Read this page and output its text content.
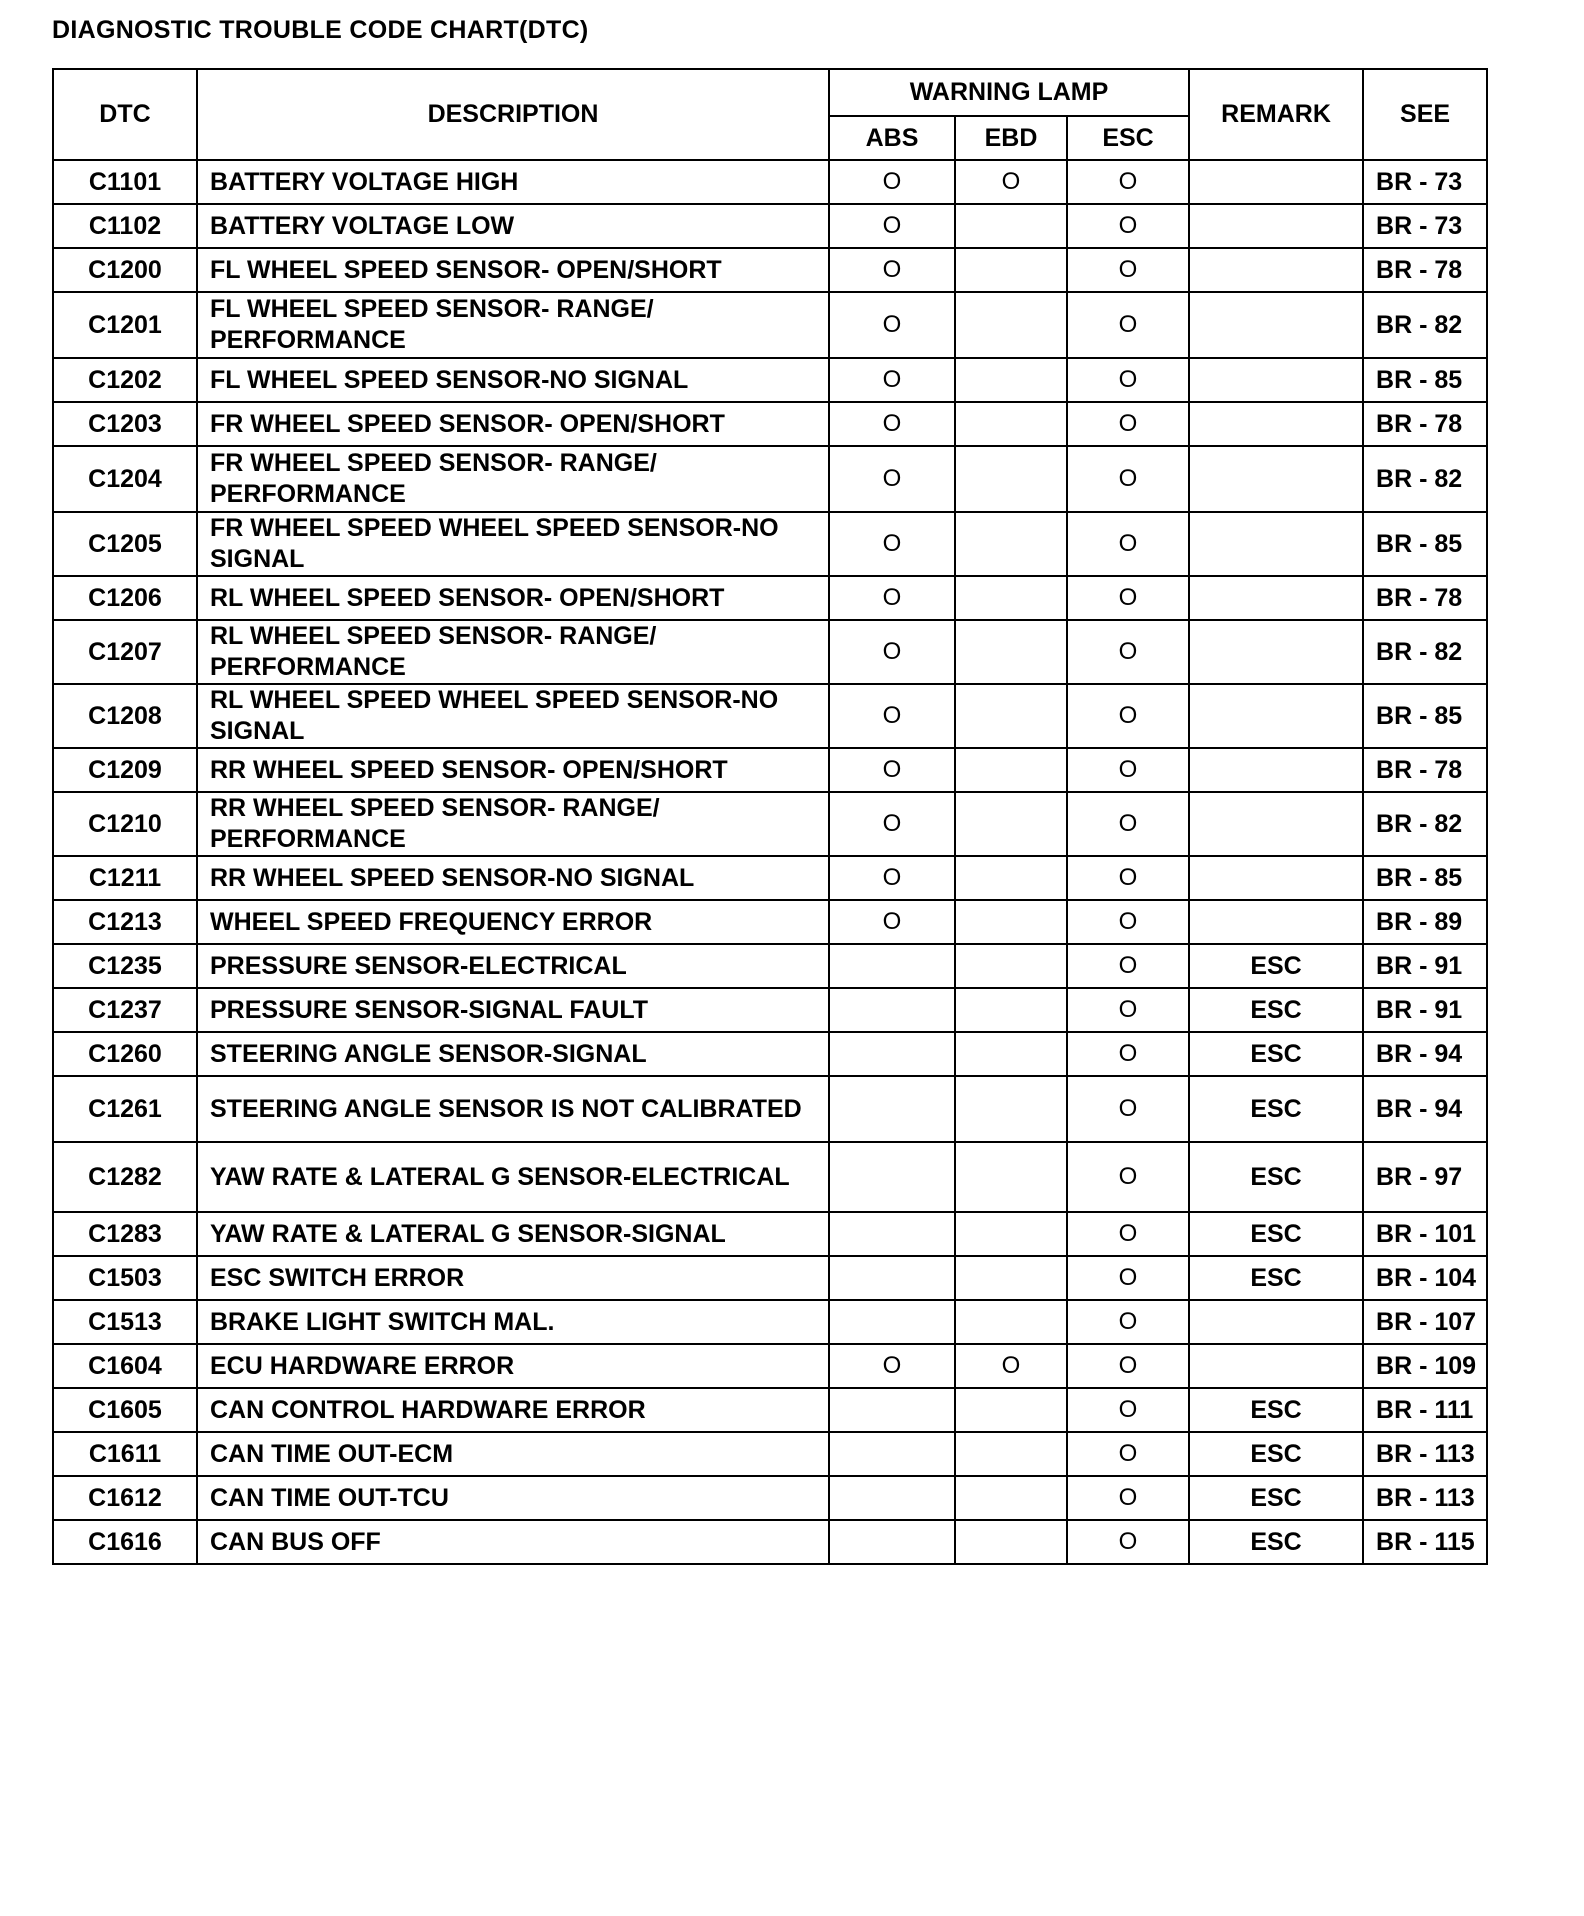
DIAGNOSTIC TROUBLE CODE CHART(DTC)
DTC	DESCRIPTION	WARNING LAMP			REMARK	SEE
		ABS	EBD	ESC		
C1101	BATTERY VOLTAGE HIGH	O	O	O		BR - 73
C1102	BATTERY VOLTAGE LOW	O		O		BR - 73
C1200	FL WHEEL SPEED SENSOR- OPEN/SHORT	O		O		BR - 78
C1201	FL WHEEL SPEED SENSOR- RANGE/ PERFORMANCE	O		O		BR - 82
C1202	FL WHEEL SPEED SENSOR-NO SIGNAL	O		O		BR - 85
C1203	FR WHEEL SPEED SENSOR- OPEN/SHORT	O		O		BR - 78
C1204	FR WHEEL SPEED SENSOR- RANGE/ PERFORMANCE	O		O		BR - 82
C1205	FR WHEEL SPEED WHEEL SPEED SENSOR-NO SIGNAL	O		O		BR - 85
C1206	RL WHEEL SPEED SENSOR- OPEN/SHORT	O		O		BR - 78
C1207	RL WHEEL SPEED SENSOR- RANGE/ PERFORMANCE	O		O		BR - 82
C1208	RL WHEEL SPEED WHEEL SPEED SENSOR-NO SIGNAL	O		O		BR - 85
C1209	RR WHEEL SPEED SENSOR- OPEN/SHORT	O		O		BR - 78
C1210	RR WHEEL SPEED SENSOR- RANGE/ PERFORMANCE	O		O		BR - 82
C1211	RR WHEEL SPEED SENSOR-NO SIGNAL	O		O		BR - 85
C1213	WHEEL SPEED FREQUENCY ERROR	O		O		BR - 89
C1235	PRESSURE SENSOR-ELECTRICAL			O	ESC	BR - 91
C1237	PRESSURE SENSOR-SIGNAL FAULT			O	ESC	BR - 91
C1260	STEERING ANGLE SENSOR-SIGNAL			O	ESC	BR - 94
C1261	STEERING ANGLE SENSOR IS NOT CALIBRATED			O	ESC	BR - 94
C1282	YAW RATE & LATERAL G SENSOR-ELECTRICAL			O	ESC	BR - 97
C1283	YAW RATE & LATERAL G SENSOR-SIGNAL			O	ESC	BR - 101
C1503	ESC SWITCH ERROR			O	ESC	BR - 104
C1513	BRAKE LIGHT SWITCH MAL.			O		BR - 107
C1604	ECU HARDWARE ERROR	O	O	O		BR - 109
C1605	CAN CONTROL HARDWARE ERROR			O	ESC	BR - 111
C1611	CAN TIME OUT-ECM			O	ESC	BR - 113
C1612	CAN TIME OUT-TCU			O	ESC	BR - 113
C1616	CAN BUS OFF			O	ESC	BR - 115
